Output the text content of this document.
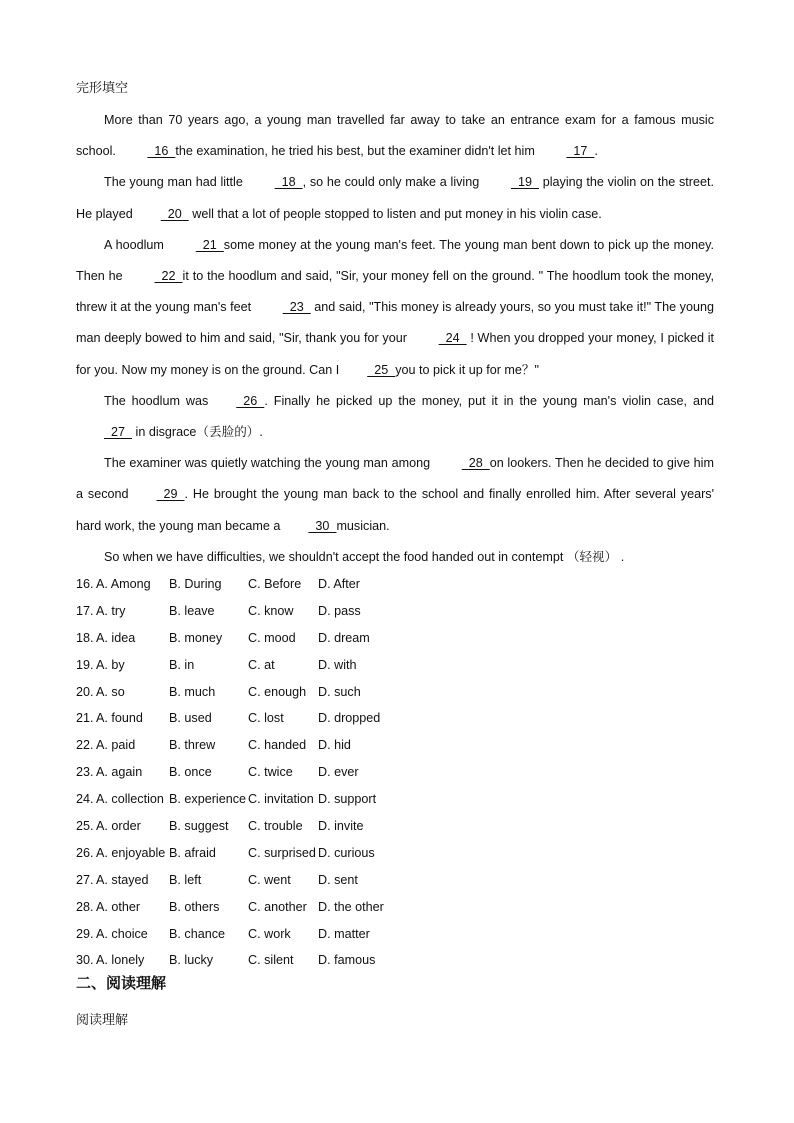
完形填空

More than 70 years ago, a young man travelled far away to take an entrance exam for a famous music school.   16  the examination, he tried his best, but the examiner didn't let him   17  .

The young man had little   18  , so he could only make a living   19   playing the violin on the street. He played  20   well that a lot of people stopped to listen and put money in his violin case.

A hoodlum   21  some money at the young man's feet. The young man bent down to pick up the money. Then he   22  it to the hoodlum and said, "Sir, your money fell on the ground. " The hoodlum took the money, threw it at the young man's feet   23   and said, "This money is already yours, so you must take it!" The young man deeply bowed to him and said, "Sir, thank you for your   24   ! When you dropped your money, I picked it for you. Now my money is on the ground. Can I  25  you to pick it up for me？"

The hoodlum was  26  . Finally he picked up the money, put it in the young man's violin case, and   27   in disgrace（丢脸的）.

The examiner was quietly watching the young man among   28  on lookers. Then he decided to give him a second  29  . He brought the young man back to the school and finally enrolled him. After several years' hard work, the young man became a  30  musician.

So when we have difficulties, we shouldn't accept the food handed out in contempt （轻视） .

16. A. Among B. During C. Before D. After
17. A. try	B. leave	C. know D. pass
18. A. idea	B. money C. mood D. dream
19. A. by	B. in	C. at	D. with
20. A. so	B. much	C. enough D. such
21. A. found B. used	C. lost	D. dropped
22. A. paid	B. threw	C. handed D. hid
23. A. again B. once	C. twice D. ever
24. A. collection B. experience C. invitation D. support
25. A. order B. suggest C. trouble D. invite
26. A. enjoyable B. afraid	C. surprised D. curious
27. A. stayed B. left	C. went D. sent
28. A. other B. others C. another D. the other
29. A. choice B. chance C. work D. matter
30. A. lonely B. lucky	C. silent D. famous
二、阅读理解
阅读理解
